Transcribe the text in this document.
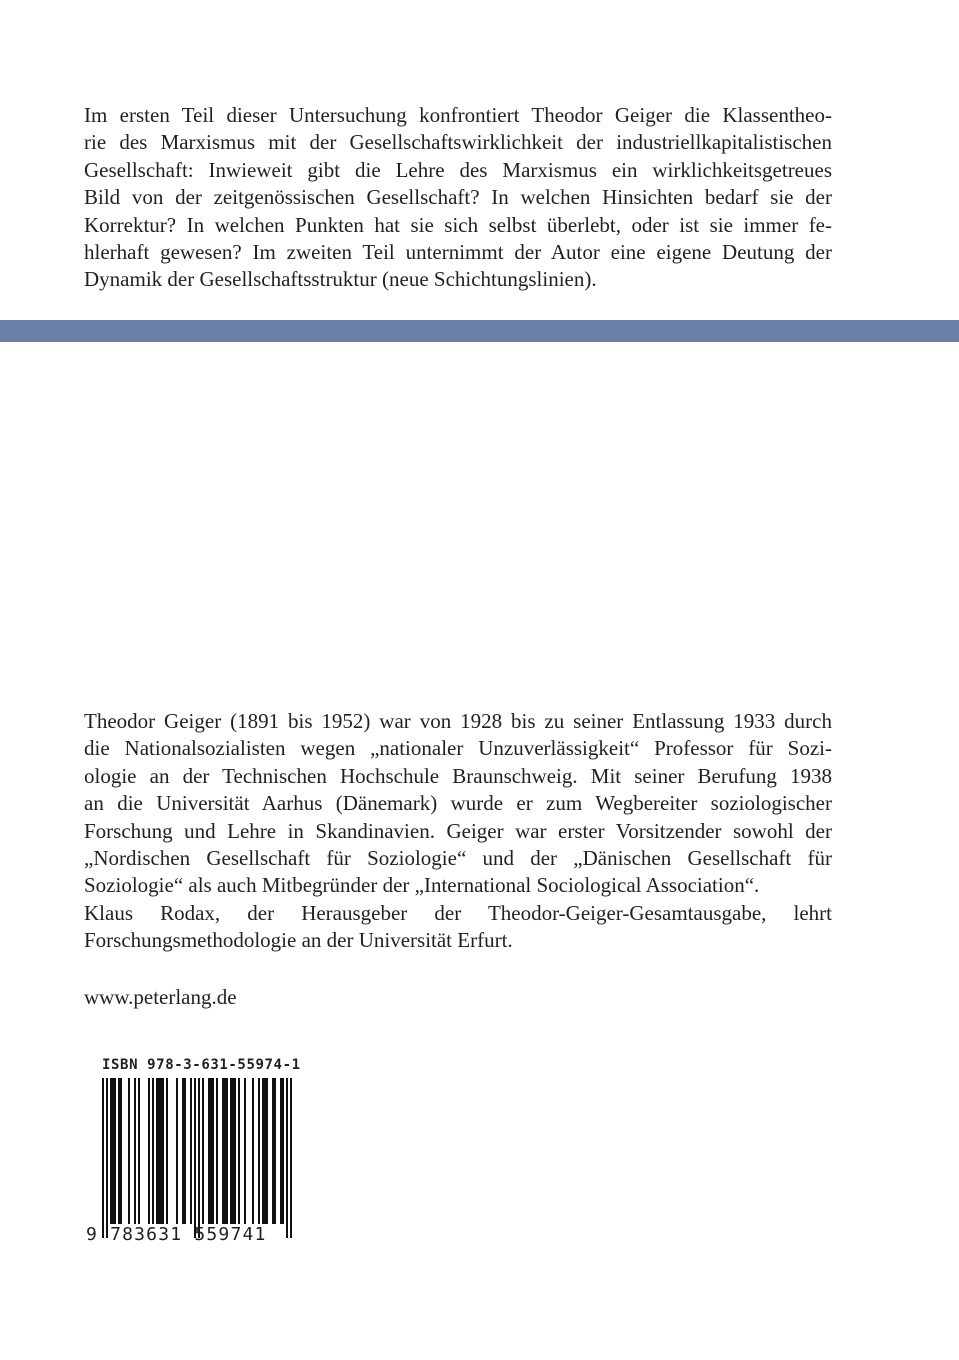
Im ersten Teil dieser Untersuchung konfrontiert Theodor Geiger die Klassentheo-
rie des Marxismus mit der Gesellschaftswirklichkeit der industriellkapitalistischen
Gesellschaft: Inwieweit gibt die Lehre des Marxismus ein wirklichkeitsgetreues
Bild von der zeitgenössischen Gesellschaft? In welchen Hinsichten bedarf sie der
Korrektur? In welchen Punkten hat sie sich selbst überlebt, oder ist sie immer fe-
hlerhaft gewesen? Im zweiten Teil unternimmt der Autor eine eigene Deutung der
Dynamik der Gesellschaftsstruktur (neue Schichtungslinien).
Theodor Geiger (1891 bis 1952) war von 1928 bis zu seiner Entlassung 1933 durch
die Nationalsozialisten wegen „nationaler Unzuverlässigkeit“ Professor für Sozi-
ologie an der Technischen Hochschule Braunschweig. Mit seiner Berufung 1938
an die Universität Aarhus (Dänemark) wurde er zum Wegbereiter soziologischer
Forschung und Lehre in Skandinavien. Geiger war erster Vorsitzender sowohl der
„Nordischen Gesellschaft für Soziologie“ und der „Dänischen Gesellschaft für
Soziologie“ als auch Mitbegründer der „International Sociological Association“.
Klaus Rodax, der Herausgeber der Theodor-Geiger-Gesamtausgabe, lehrt
Forschungsmethodologie an der Universität Erfurt.
www.peterlang.de
ISBN 978-3-631-55974-1
9 783631 559741
